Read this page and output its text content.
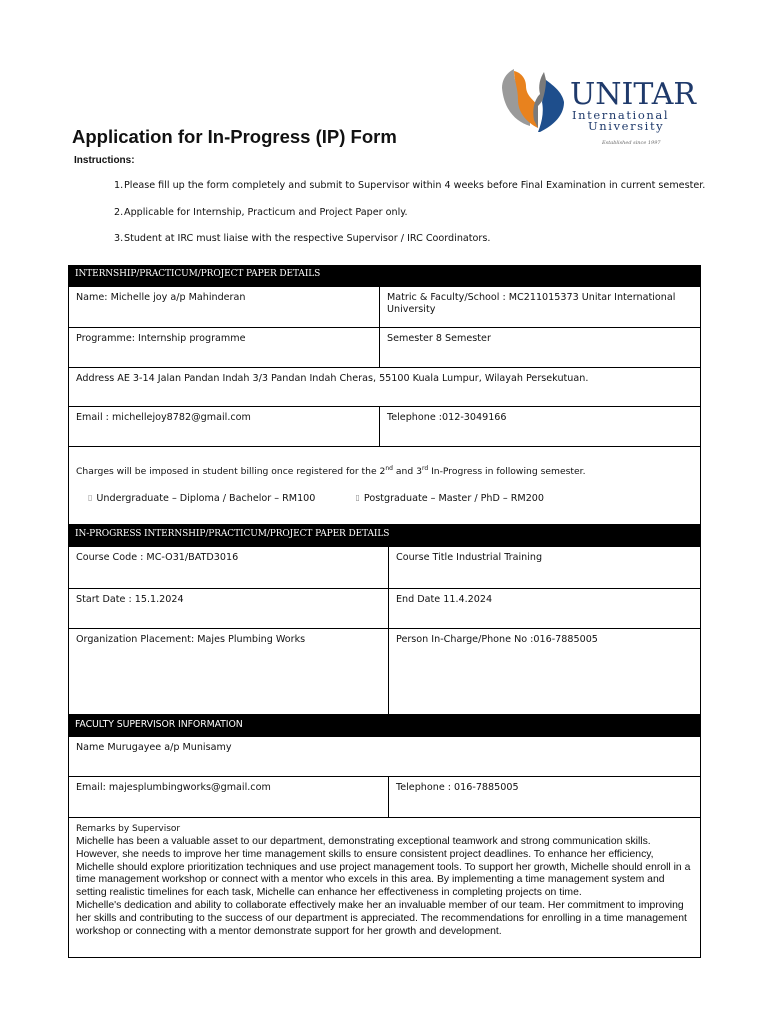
UNITAR
International
University
Established since 1997
Application for In-Progress (IP) Form
Instructions:
1.Please fill up the form completely and submit to Supervisor within 4 weeks before Final Examination in current semester.
2.Applicable for Internship, Practicum and Project Paper only.
3.Student at IRC must liaise with the respective Supervisor / IRC Coordinators.
INTERNSHIP/PRACTICUM/PROJECT PAPER DETAILS
Name: Michelle joy a/p Mahinderan	Matric & Faculty/School : MC211015373 Unitar International University
Programme: Internship programme	Semester 8 Semester
Address AE 3-14 Jalan Pandan Indah 3/3 Pandan Indah Cheras, 55100 Kuala Lumpur, Wilayah Persekutuan.
Email : michellejoy8782@gmail.com	Telephone :012-3049166
Charges will be imposed in student billing once registered for the 2nd and 3rd In-Progress in following semester.
▯ Undergraduate – Diploma / Bachelor – RM100	▯ Postgraduate – Master / PhD – RM200
IN-PROGRESS INTERNSHIP/PRACTICUM/PROJECT PAPER DETAILS
Course Code : MC-O31/BATD3016	Course Title Industrial Training
Start Date : 15.1.2024	End Date 11.4.2024
Organization Placement: Majes Plumbing Works	Person In-Charge/Phone No :016-7885005
FACULTY SUPERVISOR INFORMATION
Name Murugayee a/p Munisamy
Email: majesplumbingworks@gmail.com	Telephone : 016-7885005
Remarks by Supervisor

Michelle has been a valuable asset to our department, demonstrating exceptional teamwork and strong communication skills. However, she needs to improve her time management skills to ensure consistent project deadlines. To enhance her efficiency, Michelle should explore prioritization techniques and use project management tools. To support her growth, Michelle should enroll in a time management workshop or connect with a mentor who excels in this area. By implementing a time management system and setting realistic timelines for each task, Michelle can enhance her effectiveness in completing projects on time.

Michelle's dedication and ability to collaborate effectively make her an invaluable member of our team. Her commitment to improving her skills and contributing to the success of our department is appreciated. The recommendations for enrolling in a time management workshop or connecting with a mentor demonstrate support for her growth and development.
